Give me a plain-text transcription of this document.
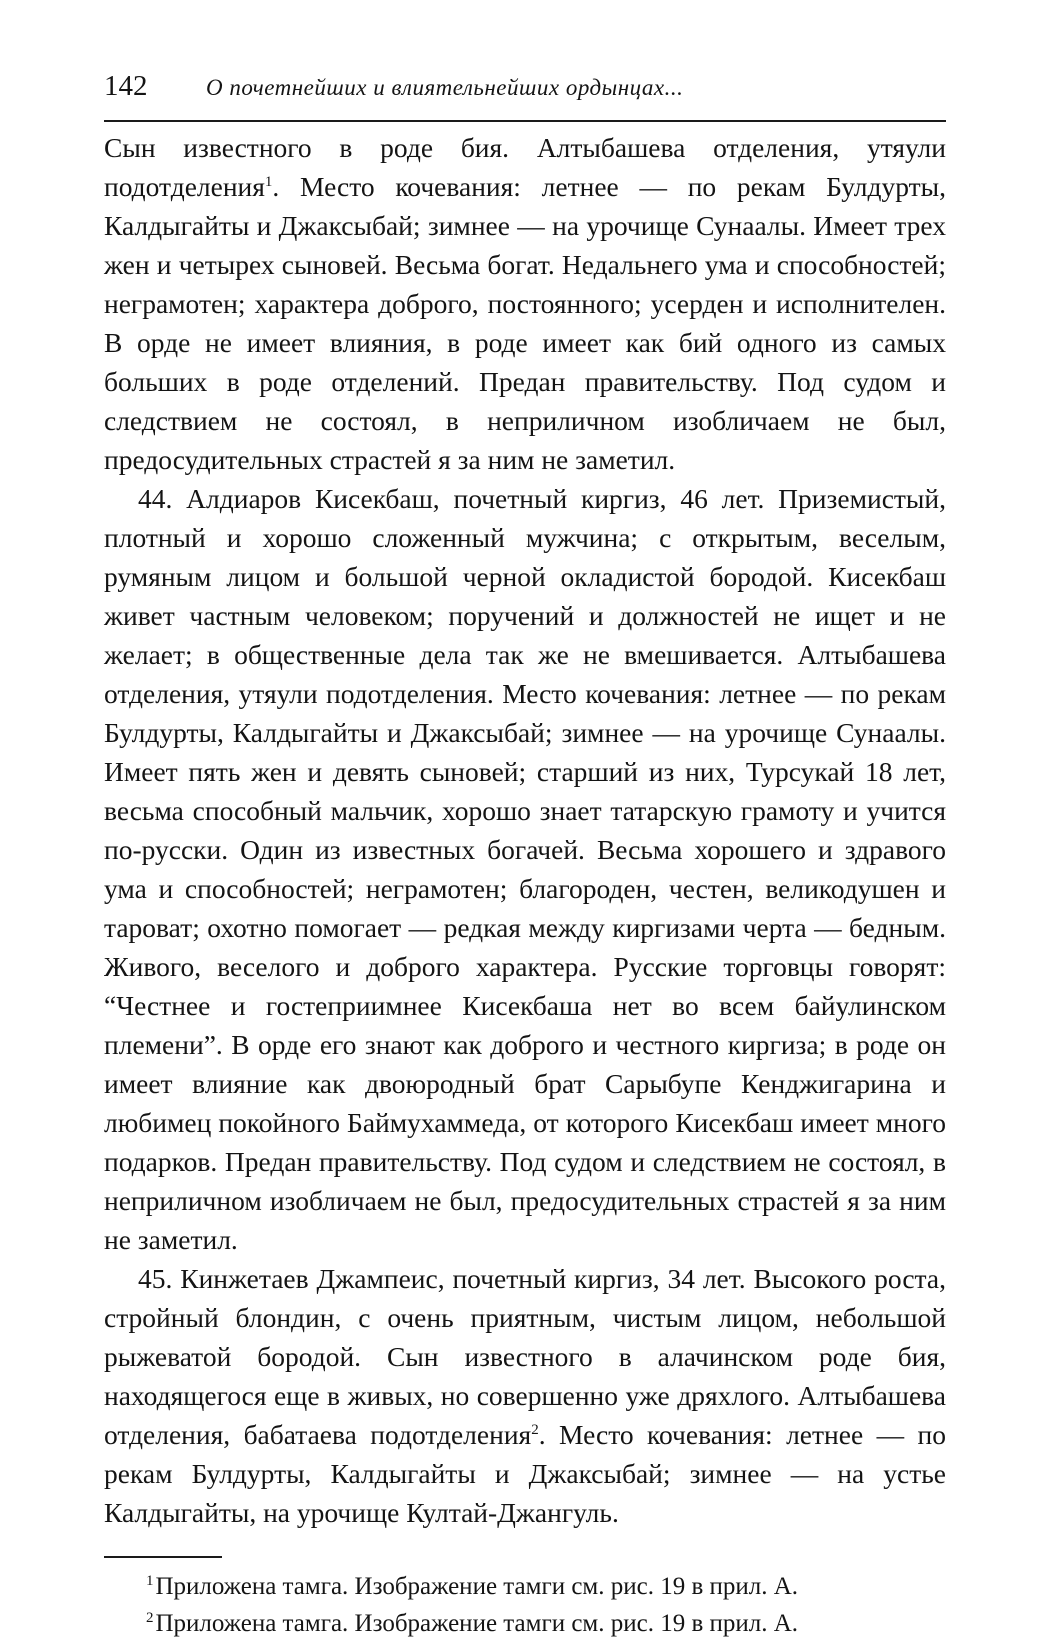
142	О почетнейших и влиятельнейших ордынцах...

Сын известного в роде бия. Алтыбашева отделения, утяули подотделения$^1$. Место кочевания: летнее — по рекам Булдурты, Калдыгайты и Джаксыбай; зимнее — на урочище Сунаалы. Имеет трех жен и четырех сыновей. Весьма богат. Недальнего ума и способностей; неграмотен; характера доброго, постоянного; усерден и исполнителен. В орде не имеет влияния, в роде имеет как бий одного из самых больших в роде отделений. Предан правительству. Под судом и следствием не состоял, в неприличном изобличаем не был, предосудительных страстей я за ним не заметил.

44. Алдиаров Кисекбаш, почетный киргиз, 46 лет. Приземистый, плотный и хорошо сложенный мужчина; с открытым, веселым, румяным лицом и большой черной окладистой бородой. Кисекбаш живет частным человеком; поручений и должностей не ищет и не желает; в общественные дела так же не вмешивается. Алтыбашева отделения, утяули подотделения. Место кочевания: летнее — по рекам Булдурты, Калдыгайты и Джаксыбай; зимнее — на урочище Сунаалы. Имеет пять жен и девять сыновей; старший из них, Турсукай 18 лет, весьма способный мальчик, хорошо знает татарскую грамоту и учится по-русски. Один из известных богачей. Весьма хорошего и здравого ума и способностей; неграмотен; благороден, честен, великодушен и тароват; охотно помогает — редкая между киргизами черта — бедным. Живого, веселого и доброго характера. Русские торговцы говорят: “Честнее и гостеприимнее Кисекбаша нет во всем байулинском племени”. В орде его знают как доброго и честного киргиза; в роде он имеет влияние как двоюродный брат Сарыбупе Кенджигарина и любимец покойного Баймухаммеда, от которого Кисекбаш имеет много подарков. Предан правительству. Под судом и следствием не состоял, в неприличном изобличаем не был, предосудительных страстей я за ним не заметил.

45. Кинжетаев Джампеис, почетный киргиз, 34 лет. Высокого роста, стройный блондин, с очень приятным, чистым лицом, небольшой рыжеватой бородой. Сын известного в алачинском роде бия, находящегося еще в живых, но совершенно уже дряхлого. Алтыбашева отделения, бабатаева подотделения$^2$. Место кочевания: летнее — по рекам Булдурты, Калдыгайты и Джаксыбай; зимнее — на устье Калдыгайты, на урочище Култай-Джангуль.

$^1$Приложена тамга. Изображение тамги см. рис. 19 в прил. А.
$^2$Приложена тамга. Изображение тамги см. рис. 19 в прил. А.
